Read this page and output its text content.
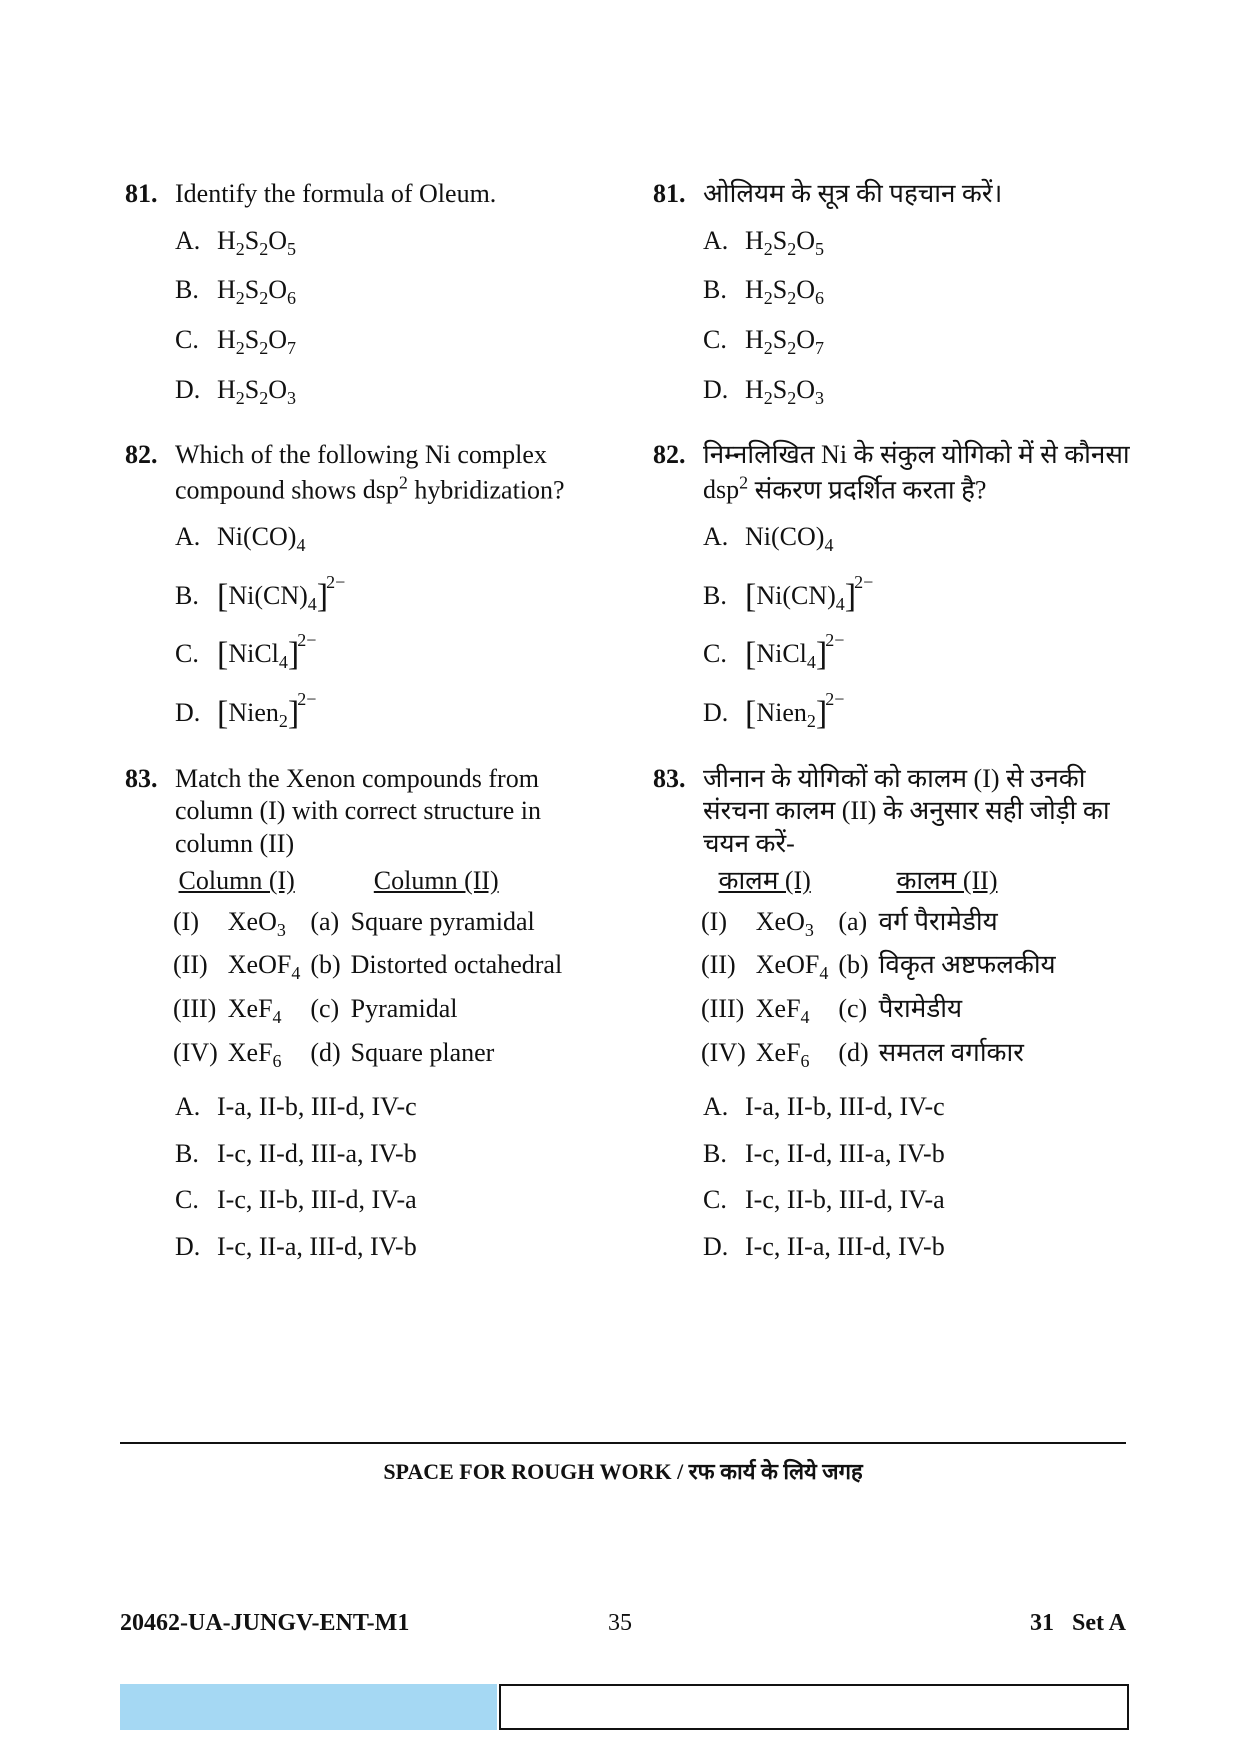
81. Identify the formula of Oleum.
A. $H_2S_2O_5$
B. $H_2S_2O_6$
C. $H_2S_2O_7$
D. $H_2S_2O_3$
82. Which of the following Ni complex
compound shows dsp$^2$ hybridization?
A. $Ni(CO)_4$
B. $[Ni(CN)_4]^{2-}$
C. [NiCl$_4$]$^{2-}$
D. [Nien$_2$]$^{2-}$
83. Match the Xenon compounds from column (I) with correct structure in column (II)
Column (I)		Column (II)	
(I)	XeO$_3$	(a)	Square pyramidal
(II)	XeOF$_4$	(b)	Distorted octahedral
(III)	XeF$_4$	(c)	Pyramidal
(IV)	XeF$_6$	(d)	Square planer
A. I-a, II-b, III-d, IV-c
B. I-c, II-d, III-a, IV-b
C. I-c, II-b, III-d, IV-a
D. I-c, II-a, III-d, IV-b
81. ओलियम के सूत्र की पहचान करें।
A. $H_2S_2O_5$
B. $H_2S_2O_6$
C. $H_2S_2O_7$
D. $H_2S_2O_3$
82. निम्नलिखित Ni के संकुल योगिको में से कौनसा
dsp$^2$ संकरण प्रदर्शित करता है?
A. $Ni(CO)_4$
B. $[Ni(CN)_4]^{2-}$
C. [NiCl$_4$]$^{2-}$
D. [Nien$_2$]$^{2-}$
83. जीनान के योगिकों को कालम (I) से उनकी संरचना कालम (II) के अनुसार सही जोड़ी का चयन करें-
कालम (I)		कालम (II)	
(I)	XeO$_3$	(a)	वर्ग पैरामेडीय
(II)	XeOF$_4$	(b)	विकृत अष्टफलकीय
(III)	XeF$_4$	(c)	पैरामेडीय
(IV)	XeF$_6$	(d)	समतल वर्गाकार
A. I-a, II-b, III-d, IV-c
B. I-c, II-d, III-a, IV-b
C. I-c, II-b, III-d, IV-a
D. I-c, II-a, III-d, IV-b
SPACE FOR ROUGH WORK / रफ कार्य के लिये जगह
20462-UA-JUNGV-ENT-M1	35	31   Set A
